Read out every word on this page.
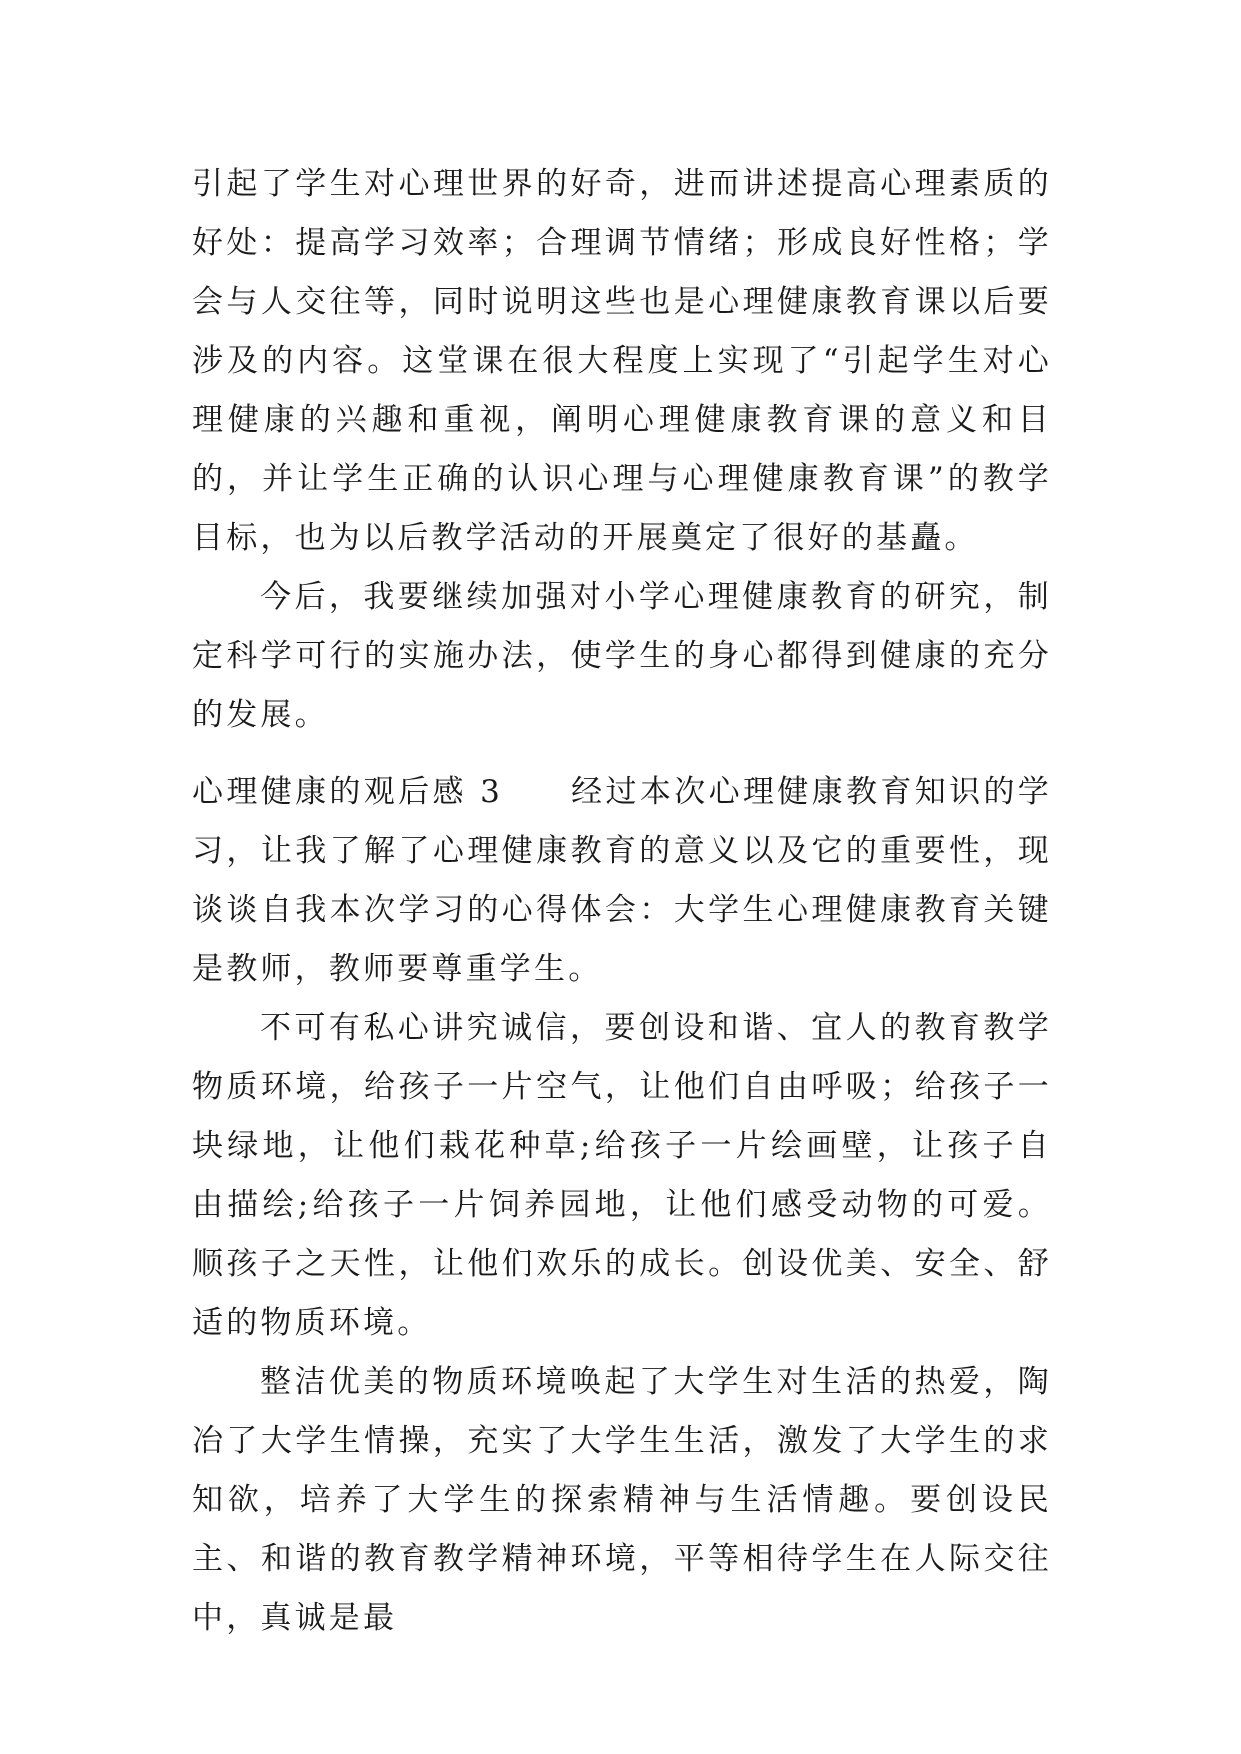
引起了学生对心理世界的好奇，进而讲述提高心理素质的好处：提高学习效率；合理调节情绪；形成良好性格；学会与人交往等，同时说明这些也是心理健康教育课以后要涉及的内容。这堂课在很大程度上实现了“引起学生对心理健康的兴趣和重视，阐明心理健康教育课的意义和目的，并让学生正确的认识心理与心理健康教育课”的教学目标，也为以后教学活动的开展奠定了很好的基矗。

今后，我要继续加强对小学心理健康教育的研究，制定科学可行的实施办法，使学生的身心都得到健康的充分的发展。

心理健康的观后感 3 经过本次心理健康教育知识的学习，让我了解了心理健康教育的意义以及它的重要性，现谈谈自我本次学习的心得体会：大学生心理健康教育关键是教师，教师要尊重学生。

不可有私心讲究诚信，要创设和谐、宜人的教育教学物质环境，给孩子一片空气，让他们自由呼吸；给孩子一块绿地，让他们栽花种草;给孩子一片绘画壁，让孩子自由描绘;给孩子一片饲养园地，让他们感受动物的可爱。顺孩子之天性，让他们欢乐的成长。创设优美、安全、舒适的物质环境。

整洁优美的物质环境唤起了大学生对生活的热爱，陶冶了大学生情操，充实了大学生生活，激发了大学生的求知欲，培养了大学生的探索精神与生活情趣。要创设民主、和谐的教育教学精神环境，平等相待学生在人际交往中，真诚是最
